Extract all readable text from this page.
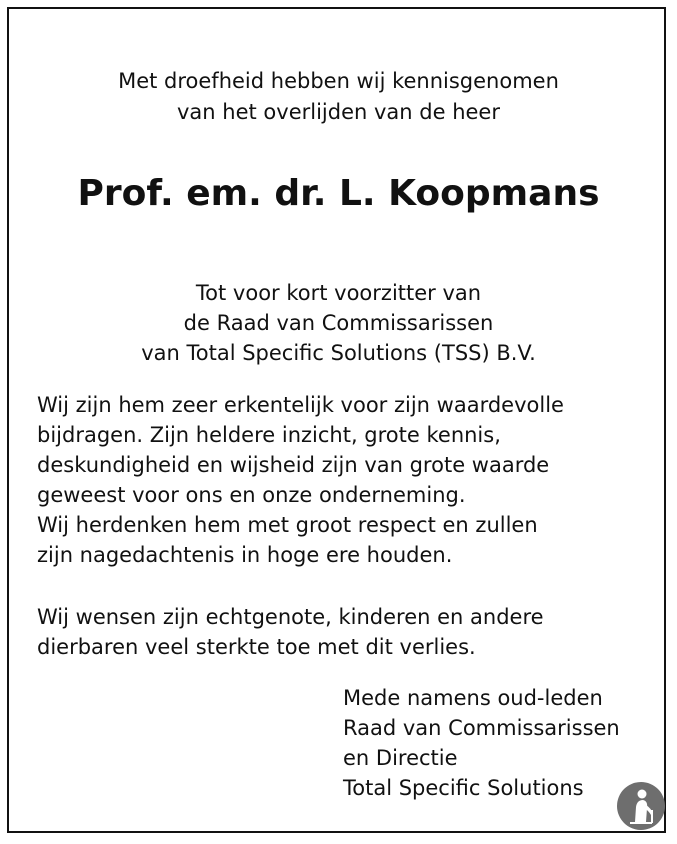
Met droefheid hebben wij kennisgenomen
van het overlijden van de heer
Prof. em. dr. L. Koopmans
Tot voor kort voorzitter van
de Raad van Commissarissen
van Total Specific Solutions (TSS) B.V.
Wij zijn hem zeer erkentelijk voor zijn waardevolle
bijdragen. Zijn heldere inzicht, grote kennis,
deskundigheid en wijsheid zijn van grote waarde
geweest voor ons en onze onderneming.
Wij herdenken hem met groot respect en zullen
zijn nagedachtenis in hoge ere houden.
Wij wensen zijn echtgenote, kinderen en andere
dierbaren veel sterkte toe met dit verlies.
Mede namens oud-leden
Raad van Commissarissen
en Directie
Total Specific Solutions
